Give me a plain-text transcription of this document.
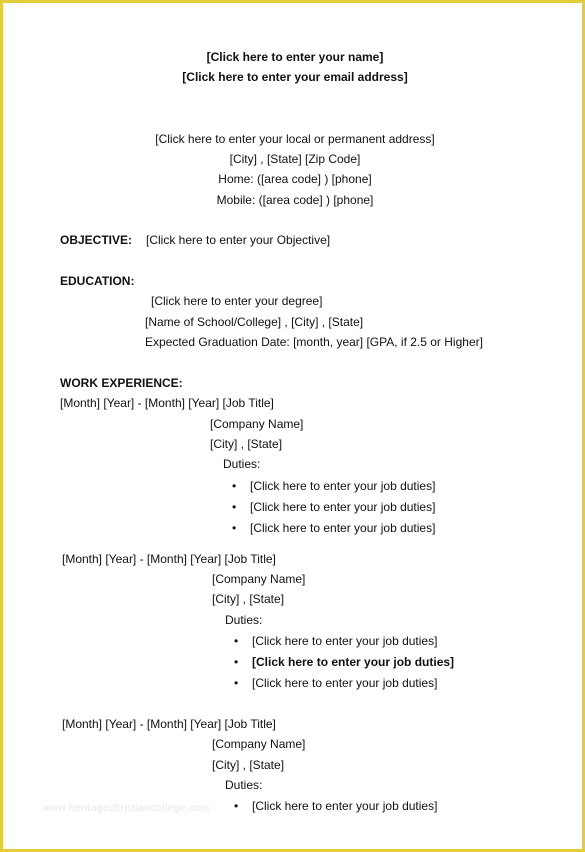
[Click here to enter your name]
[Click here to enter your email address]
[Click here to enter your local or permanent address]
[City] , [State] [Zip Code]
Home: ([area code] ) [phone]
Mobile: ([area code] ) [phone]
OBJECTIVE: [Click here to enter your Objective]
EDUCATION:
[Click here to enter your degree]
[Name of School/College] , [City] , [State]
Expected Graduation Date: [month, year] [GPA, if 2.5 or Higher]
WORK EXPERIENCE:
[Month] [Year] - [Month] [Year] [Job Title]
[Company Name]
[City] , [State]
Duties:
• [Click here to enter your job duties]
• [Click here to enter your job duties]
• [Click here to enter your job duties]
[Month] [Year] - [Month] [Year] [Job Title]
[Company Name]
[City] , [State]
Duties:
• [Click here to enter your job duties]
• [Click here to enter your job duties]
• [Click here to enter your job duties]
[Month] [Year] - [Month] [Year] [Job Title]
[Company Name]
[City] , [State]
Duties:
• [Click here to enter your job duties]
www.heritagechristiancollege.com
